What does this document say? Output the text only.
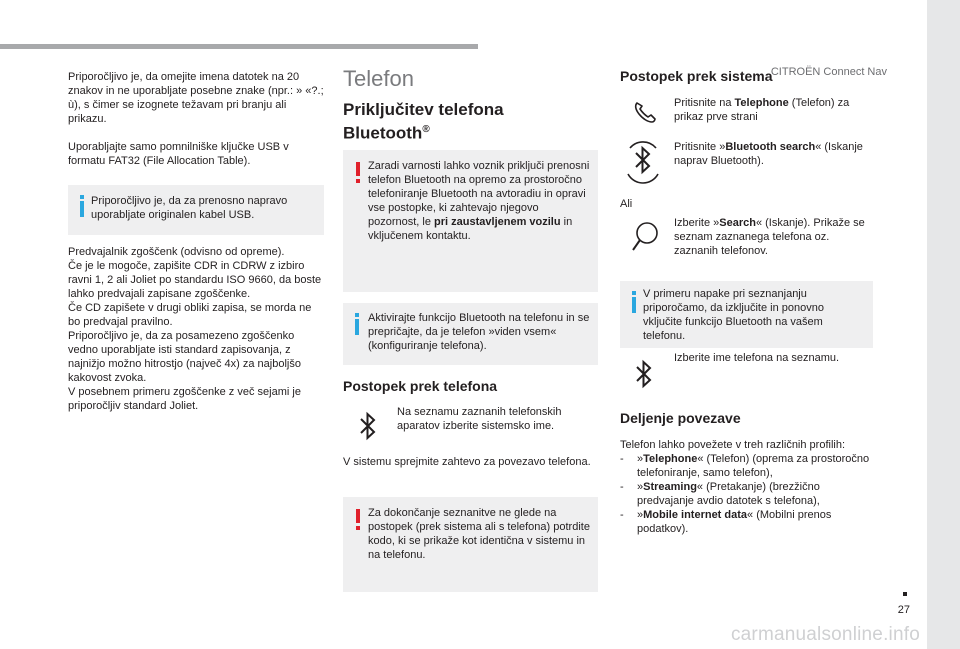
CITROËN Connect Nav
27
carmanualsonline.info
Priporočljivo je, da omejite imena datotek na 20 znakov in ne uporabljate posebne znake (npr.: » «?.; ù), s čimer se izognete težavam pri branju ali prikazu.
Uporabljajte samo pomnilniške ključke USB v formatu FAT32 (File Allocation Table).
Priporočljivo je, da za prenosno napravo uporabljate originalen kabel USB.
Predvajalnik zgoščenk (odvisno od opreme).
Če je le mogoče, zapišite CDR in CDRW z izbiro ravni 1, 2 ali Joliet po standardu ISO 9660, da boste lahko predvajali zapisane zgoščenke.
Če CD zapišete v drugi obliki zapisa, se morda ne bo predvajal pravilno.
Priporočljivo je, da za posamezeno zgoščenko vedno uporabljate isti standard zapisovanja, z najnižjo možno hitrostjo (največ 4x) za najboljšo kakovost zvoka.
V posebnem primeru zgoščenke z več sejami je priporočljiv standard Joliet.
Telefon
Priključitev telefona
Bluetooth®
Zaradi varnosti lahko voznik priključi prenosni telefon Bluetooth na opremo za prostoročno telefoniranje Bluetooth na avtoradiu in opravi vse postopke, ki zahtevajo njegovo pozornost, le pri zaustavljenem vozilu in vključenem kontaktu.
Aktivirajte funkcijo Bluetooth na telefonu in se prepričajte, da je telefon »viden vsem« (konfiguriranje telefona).
Postopek prek telefona
Na seznamu zaznanih telefonskih aparatov izberite sistemsko ime.
V sistemu sprejmite zahtevo za povezavo telefona.
Za dokončanje seznanitve ne glede na postopek (prek sistema ali s telefona) potrdite kodo, ki se prikaže kot identična v sistemu in na telefonu.
Postopek prek sistema
Pritisnite na Telephone (Telefon) za prikaz prve strani
Pritisnite »Bluetooth search« (Iskanje naprav Bluetooth).
Ali
Izberite »Search« (Iskanje). Prikaže se seznam zaznanega telefona oz. zaznanih telefonov.
V primeru napake pri seznanjanju priporočamo, da izključite in ponovno vključite funkcijo Bluetooth na vašem telefonu.
Izberite ime telefona na seznamu.
Deljenje povezave
Telefon lahko povežete v treh različnih profilih:
- »Telephone« (Telefon) (oprema za prostoročno telefoniranje, samo telefon),
- »Streaming« (Pretakanje) (brezžično predvajanje avdio datotek s telefona),
- »Mobile internet data« (Mobilni prenos podatkov).
